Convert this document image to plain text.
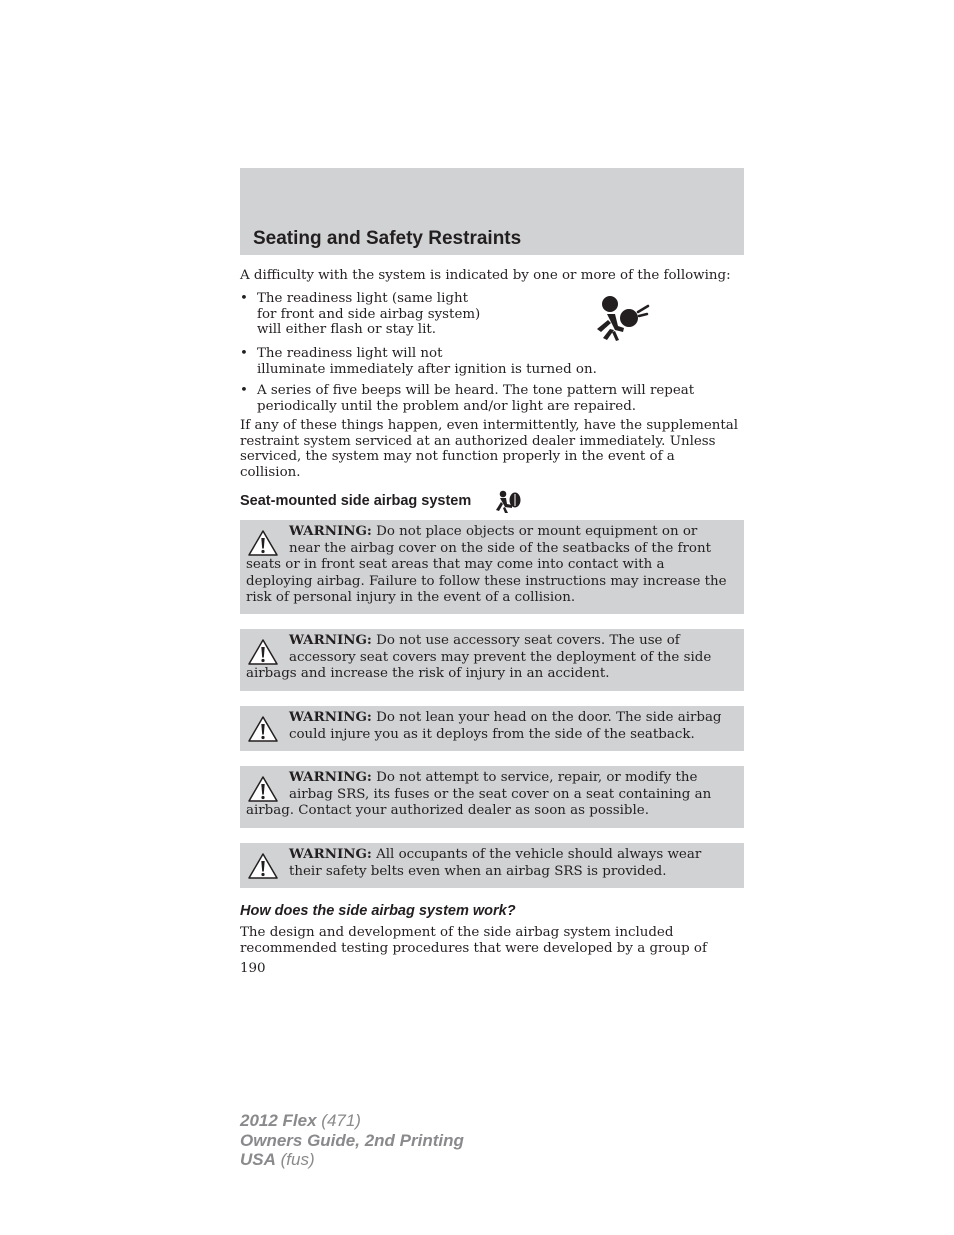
Seating and Safety Restraints
A difficulty with the system is indicated by one or more of the following:
• The readiness light (same light
for front and side airbag system)
will either flash or stay lit.
• The readiness light will not
illuminate immediately after ignition is turned on.
• A series of five beeps will be heard. The tone pattern will repeat
periodically until the problem and/or light are repaired.
If any of these things happen, even intermittently, have the supplemental
restraint system serviced at an authorized dealer immediately. Unless
serviced, the system may not function properly in the event of a
collision.
Seat-mounted side airbag system
WARNING: Do not place objects or mount equipment on or
near the airbag cover on the side of the seatbacks of the front
seats or in front seat areas that may come into contact with a
deploying airbag. Failure to follow these instructions may increase the
risk of personal injury in the event of a collision.
WARNING: Do not use accessory seat covers. The use of
accessory seat covers may prevent the deployment of the side
airbags and increase the risk of injury in an accident.
WARNING: Do not lean your head on the door. The side airbag
could injure you as it deploys from the side of the seatback.
WARNING: Do not attempt to service, repair, or modify the
airbag SRS, its fuses or the seat cover on a seat containing an
airbag. Contact your authorized dealer as soon as possible.
WARNING: All occupants of the vehicle should always wear
their safety belts even when an airbag SRS is provided.
How does the side airbag system work?
The design and development of the side airbag system included
recommended testing procedures that were developed by a group of
190
2012 Flex (471)
Owners Guide, 2nd Printing
USA (fus)
